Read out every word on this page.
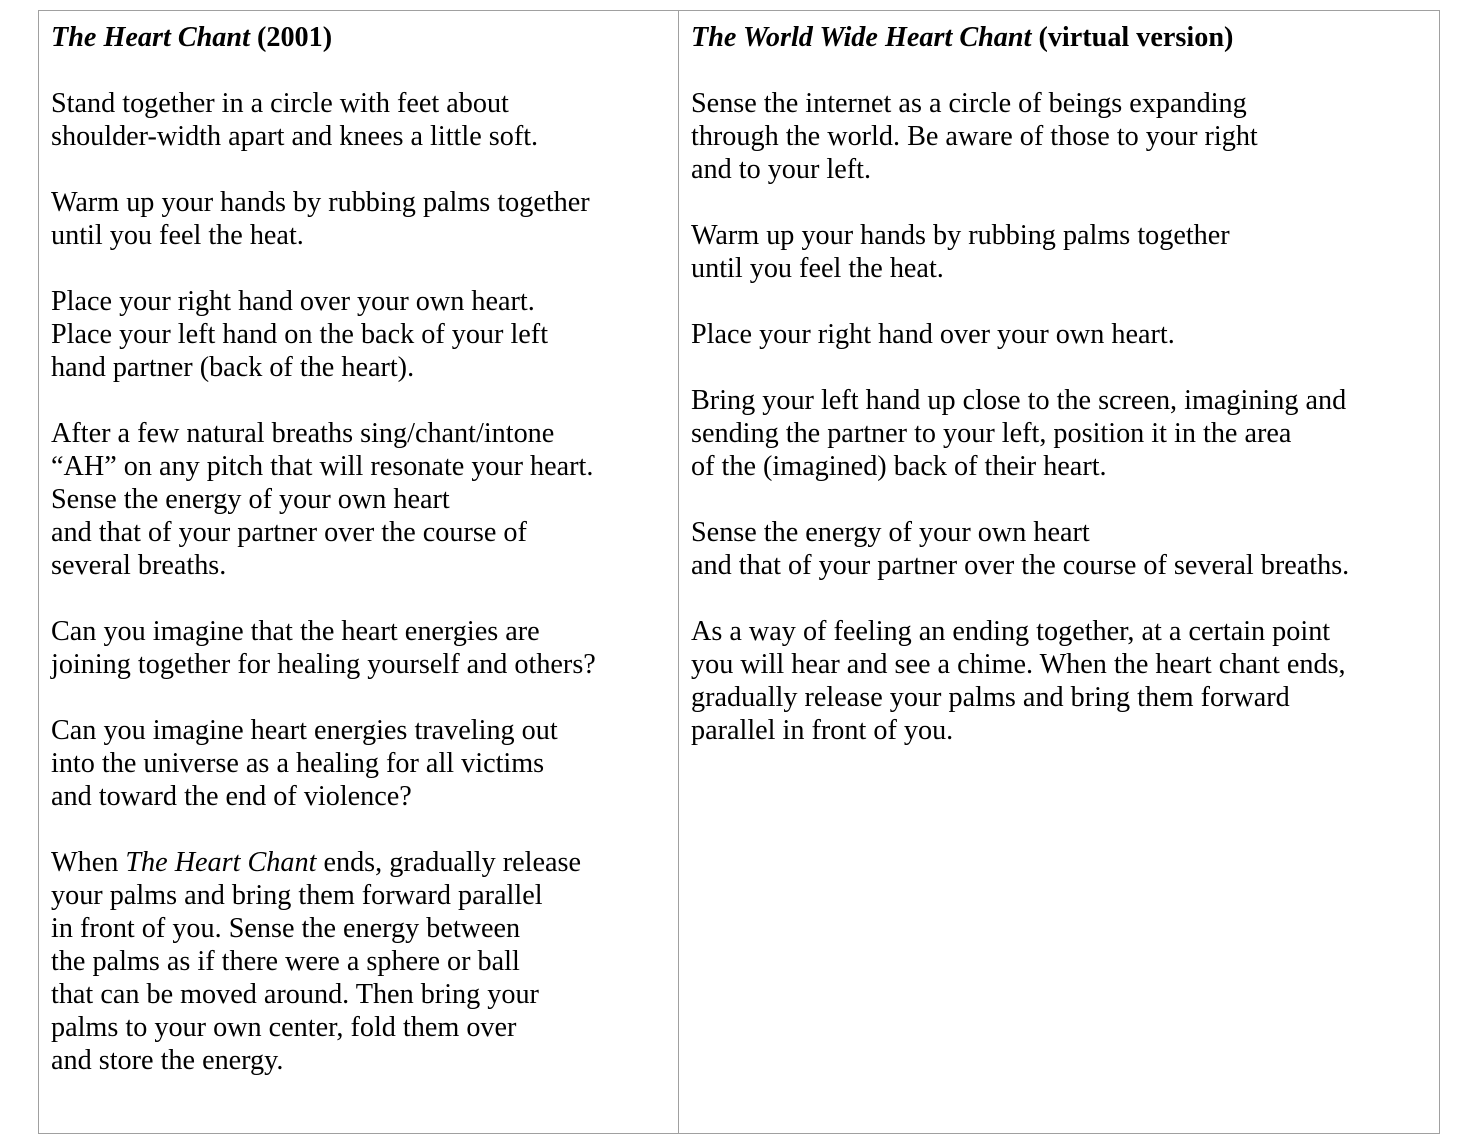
The Heart Chant (2001)

Stand together in a circle with feet about
shoulder-width apart and knees a little soft.

Warm up your hands by rubbing palms together
until you feel the heat.

Place your right hand over your own heart.
Place your left hand on the back of your left
hand partner (back of the heart).

After a few natural breaths sing/chant/intone
“AH” on any pitch that will resonate your heart.
Sense the energy of your own heart
and that of your partner over the course of
several breaths.

Can you imagine that the heart energies are
joining together for healing yourself and others?

Can you imagine heart energies traveling out
into the universe as a healing for all victims
and toward the end of violence?

When The Heart Chant ends, gradually release
your palms and bring them forward parallel
in front of you. Sense the energy between
the palms as if there were a sphere or ball
that can be moved around. Then bring your
palms to your own center, fold them over
and store the energy.

The World Wide Heart Chant (virtual version)

Sense the internet as a circle of beings expanding
through the world. Be aware of those to your right
and to your left.

Warm up your hands by rubbing palms together
until you feel the heat.

Place your right hand over your own heart.

Bring your left hand up close to the screen, imagining and
sending the partner to your left, position it in the area
of the (imagined) back of their heart.

Sense the energy of your own heart
and that of your partner over the course of several breaths.

As a way of feeling an ending together, at a certain point
you will hear and see a chime. When the heart chant ends,
gradually release your palms and bring them forward
parallel in front of you.
